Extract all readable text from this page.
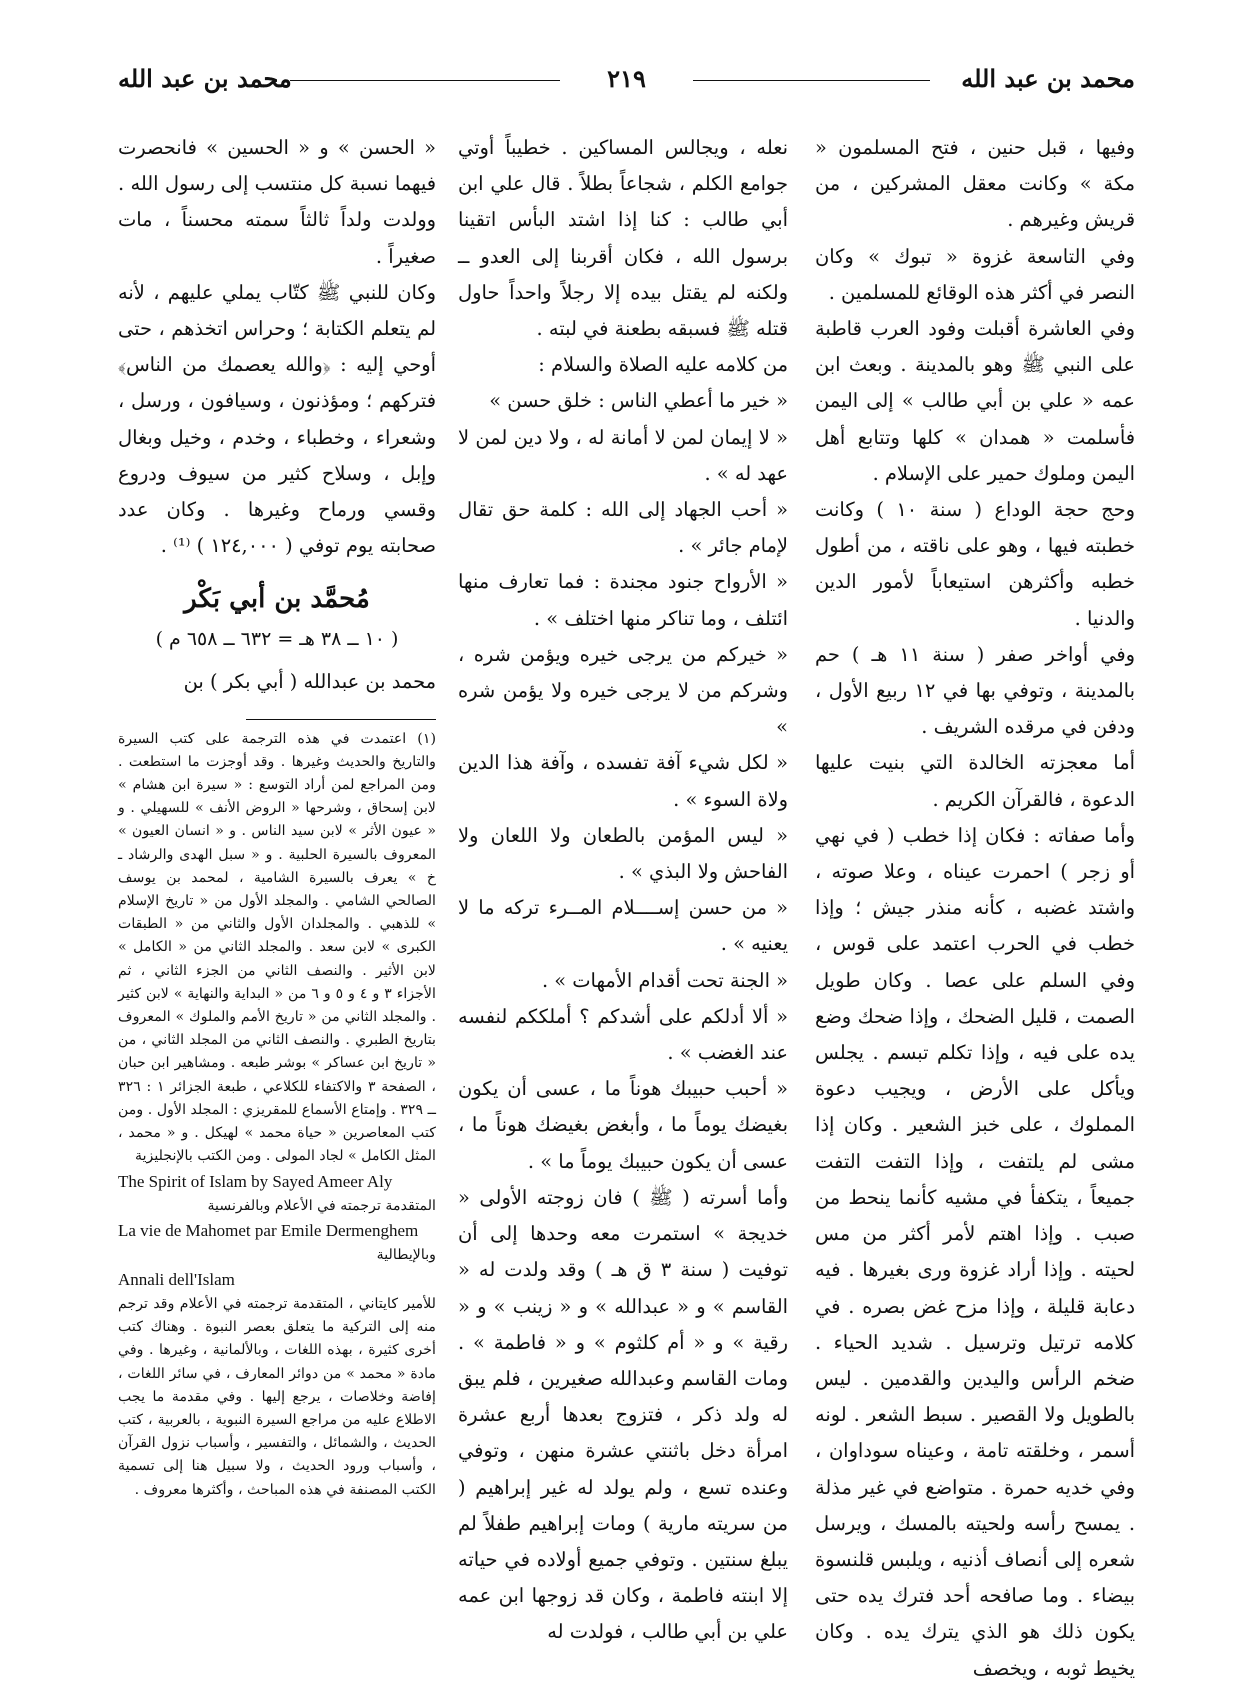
محمد بن عبد الله
٢١٩
محمد بن عبد الله

وفيها ، قبل حنين ، فتح المسلمون « مكة » وكانت معقل المشركين ، من قريش وغيرهم .

وفي التاسعة غزوة « تبوك » وكان النصر في أكثر هذه الوقائع للمسلمين .

وفي العاشرة أقبلت وفود العرب قاطبة على النبي ﷺ وهو بالمدينة . وبعث ابن عمه « علي بن أبي طالب » إلى اليمن فأسلمت « همدان » كلها وتتابع أهل اليمن وملوك حمير على الإسلام .

وحج حجة الوداع ( سنة ١٠ ) وكانت خطبته فيها ، وهو على ناقته ، من أطول خطبه وأكثرهن استيعاباً لأمور الدين والدنيا .

وفي أواخر صفر ( سنة ١١ هـ ) حم بالمدينة ، وتوفي بها في ١٢ ربيع الأول ، ودفن في مرقده الشريف .

أما معجزته الخالدة التي بنيت عليها الدعوة ، فالقرآن الكريم .

وأما صفاته : فكان إذا خطب ( في نهي أو زجر ) احمرت عيناه ، وعلا صوته ، واشتد غضبه ، كأنه منذر جيش ؛ وإذا خطب في الحرب اعتمد على قوس ، وفي السلم على عصا . وكان طويل الصمت ، قليل الضحك ، وإذا ضحك وضع يده على فيه ، وإذا تكلم تبسم . يجلس ويأكل على الأرض ، ويجيب دعوة المملوك ، على خبز الشعير . وكان إذا مشى لم يلتفت ، وإذا التفت التفت جميعاً ، يتكفأ في مشيه كأنما ينحط من صبب . وإذا اهتم لأمر أكثر من مس لحيته . وإذا أراد غزوة ورى بغيرها . فيه دعابة قليلة ، وإذا مزح غض بصره . في كلامه ترتيل وترسيل . شديد الحياء . ضخم الرأس واليدين والقدمين . ليس بالطويل ولا القصير . سبط الشعر . لونه أسمر ، وخلقته تامة ، وعيناه سوداوان ، وفي خديه حمرة . متواضع في غير مذلة . يمسح رأسه ولحيته بالمسك ، ويرسل شعره إلى أنصاف أذنيه ، ويلبس قلنسوة بيضاء . وما صافحه أحد فترك يده حتى يكون ذلك هو الذي يترك يده . وكان يخيط ثوبه ، ويخصف

نعله ، ويجالس المساكين . خطيباً أوتي جوامع الكلم ، شجاعاً بطلاً . قال علي ابن أبي طالب : كنا إذا اشتد البأس اتقينا برسول الله ، فكان أقربنا إلى العدو ــ ولكنه لم يقتل بيده إلا رجلاً واحداً حاول قتله ﷺ فسبقه بطعنة في لبته .

من كلامه عليه الصلاة والسلام :

« خير ما أعطي الناس : خلق حسن »

« لا إيمان لمن لا أمانة له ، ولا دين لمن لا عهد له » .

« أحب الجهاد إلى الله : كلمة حق تقال لإمام جائر » .

« الأرواح جنود مجندة : فما تعارف منها ائتلف ، وما تناكر منها اختلف » .

« خيركم من يرجى خيره ويؤمن شره ، وشركم من لا يرجى خيره ولا يؤمن شره »

« لكل شيء آفة تفسده ، وآفة هذا الدين ولاة السوء » .

« ليس المؤمن بالطعان ولا اللعان ولا الفاحش ولا البذي » .

« من حسن إســــلام المــرء تركه ما لا يعنيه » .

« الجنة تحت أقدام الأمهات » .

« ألا أدلكم على أشدكم ؟ أملككم لنفسه عند الغضب » .

« أحبب حبيبك هوناً ما ، عسى أن يكون بغيضك يوماً ما ، وأبغض بغيضك هوناً ما ، عسى أن يكون حبيبك يوماً ما » .

وأما أسرته ( ﷺ ) فان زوجته الأولى « خديجة » استمرت معه وحدها إلى أن توفيت ( سنة ٣ ق هـ ) وقد ولدت له « القاسم » و « عبدالله » و « زينب » و « رقية » و « أم كلثوم » و « فاطمة » . ومات القاسم وعبدالله صغيرين ، فلم يبق له ولد ذكر ، فتزوج بعدها أربع عشرة امرأة دخل باثنتي عشرة منهن ، وتوفي وعنده تسع ، ولم يولد له غير إبراهيم ( من سريته مارية ) ومات إبراهيم طفلاً لم يبلغ سنتين . وتوفي جميع أولاده في حياته إلا ابنته فاطمة ، وكان قد زوجها ابن عمه علي بن أبي طالب ، فولدت له

« الحسن » و « الحسين » فانحصرت فيهما نسبة كل منتسب إلى رسول الله . وولدت ولداً ثالثاً سمته محسناً ، مات صغيراً .

وكان للنبي ﷺ كتّاب يملي عليهم ، لأنه لم يتعلم الكتابة ؛ وحراس اتخذهم ، حتى أوحي إليه : ﴿والله يعصمك من الناس﴾ فتركهم ؛ ومؤذنون ، وسيافون ، ورسل ، وشعراء ، وخطباء ، وخدم ، وخيل وبغال وإبل ، وسلاح كثير من سيوف ودروع وقسي ورماح وغيرها . وكان عدد صحابته يوم توفي ( ١٢٤,٠٠٠ ) ⁽¹⁾ .

مُحمَّد بن أبي بَكْر
( ١٠ ــ ٣٨ هـ = ٦٣٢ ــ ٦٥٨ م )

محمد بن عبدالله ( أبي بكر ) بن

(١) اعتمدت في هذه الترجمة على كتب السيرة والتاريخ والحديث وغيرها . وقد أوجزت ما استطعت . ومن المراجع لمن أراد التوسع : « سيرة ابن هشام » لابن إسحاق ، وشرحها « الروض الأنف » للسهيلي . و « عيون الأثر » لابن سيد الناس . و « انسان العيون » المعروف بالسيرة الحلبية . و « سبل الهدى والرشاد ـ خ » يعرف بالسيرة الشامية ، لمحمد بن يوسف الصالحي الشامي . والمجلد الأول من « تاريخ الإسلام » للذهبي . والمجلدان الأول والثاني من « الطبقات الكبرى » لابن سعد . والمجلد الثاني من « الكامل » لابن الأثير . والنصف الثاني من الجزء الثاني ، ثم الأجزاء ٣ و ٤ و ٥ و ٦ من « البداية والنهاية » لابن كثير . والمجلد الثاني من « تاريخ الأمم والملوك » المعروف بتاريخ الطبري . والنصف الثاني من المجلد الثاني ، من « تاريخ ابن عساكر » بوشر طبعه . ومشاهير ابن حبان ، الصفحة ٣ والاكتفاء للكلاعي ، طبعة الجزائر ١ : ٣٢٦ ــ ٣٢٩ . وإمتاع الأسماع للمقريزي : المجلد الأول . ومن كتب المعاصرين « حياة محمد » لهيكل . و « محمد ، المثل الكامل » لجاد المولى . ومن الكتب بالإنجليزية

The Spirit of Islam by Sayed Ameer Aly

المتقدمة ترجمته في الأعلام وبالفرنسية

La vie de Mahomet par Emile Dermenghem

وبالإيطالية

Annali dell'Islam

للأمير كايتاني ، المتقدمة ترجمته في الأعلام وقد ترجم منه إلى التركية ما يتعلق بعصر النبوة . وهناك كتب أخرى كثيرة ، بهذه اللغات ، وبالألمانية ، وغيرها . وفي مادة « محمد » من دوائر المعارف ، في سائر اللغات ، إفاضة وخلاصات ، يرجع إليها . وفي مقدمة ما يجب الاطلاع عليه من مراجع السيرة النبوية ، بالعربية ، كتب الحديث ، والشمائل ، والتفسير ، وأسباب نزول القرآن ، وأسباب ورود الحديث ، ولا سبيل هنا إلى تسمية الكتب المصنفة في هذه المباحث ، وأكثرها معروف .
